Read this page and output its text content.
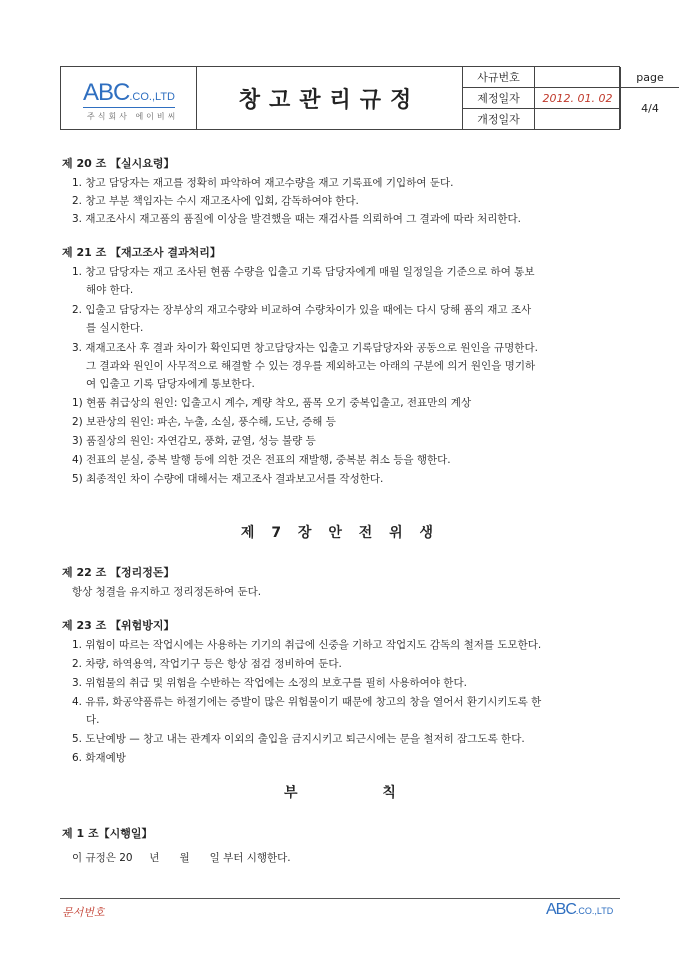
ABC.CO.,LTD
주식회사 에이비씨
창고관리규정
사규번호
제정일자	2012. 01. 02
개정일자
page
4/4
제 20 조 【실시요령】
1. 창고 담당자는 재고를 정확히 파악하여 재고수량을 재고 기록표에 기입하여 둔다.
2. 창고 부분 책임자는 수시 재고조사에 입회, 감독하여야 한다.
3. 재고조사시 재고품의 품질에 이상을 발견했을 때는 재검사를 의뢰하여 그 결과에 따라 처리한다.
제 21 조 【재고조사 결과처리】
1. 창고 담당자는 재고 조사된 현품 수량을 입출고 기록 담당자에게 매월 일정일을 기준으로 하여 통보
해야 한다.
2. 입출고 담당자는 장부상의 재고수량와 비교하여 수량차이가 있을 때에는 다시 당해 품의 재고 조사
를 실시한다.
3. 재재고조사 후 결과 차이가 확인되면 창고담당자는 입출고 기록담당자와 공동으로 원인을 규명한다.
그 결과와 원인이 사무적으로 해결할 수 있는 경우를 제외하고는 아래의 구분에 의거 원인을 명기하
여 입출고 기록 담당자에게 통보한다.
1) 현품 취급상의 원인: 입출고시 계수, 계량 착오, 품목 오기 중복입출고, 전표만의 계상
2) 보관상의 원인: 파손, 누출, 소실, 풍수해, 도난, 증해 등
3) 품질상의 원인: 자연감모, 풍화, 균열, 성능 불량 등
4) 전표의 분실, 중복 발행 등에 의한 것은 전표의 재발행, 중복분 취소 등을 행한다.
5) 최종적인 차이 수량에 대해서는 재고조사 결과보고서를 작성한다.
제 7 장 안 전 위 생
제 22 조 【정리정돈】
항상 청결을 유지하고 정리정돈하여 둔다.
제 23 조 【위험방지】
1. 위험이 따르는 작업시에는 사용하는 기기의 취급에 신중을 기하고 작업지도 감독의 철저를 도모한다.
2. 차량, 하역용역, 작업기구 등은 항상 점검 정비하여 둔다.
3. 위험물의 취급 및 위험을 수반하는 작업에는 소정의 보호구를 필히 사용하여야 한다.
4. 유류, 화공약품류는 하절기에는 증발이 많은 위험물이기 때문에 창고의 창을 열어서 환기시키도록 한
다.
5. 도난예방 — 창고 내는 관계자 이외의 출입을 금지시키고 퇴근시에는 문을 철저히 잠그도록 한다.
6. 화재예방
부 칙
제 1 조【시행일】
이 규정은 20     년      월      일 부터 시행한다.
문서번호	ABC.CO.,LTD
